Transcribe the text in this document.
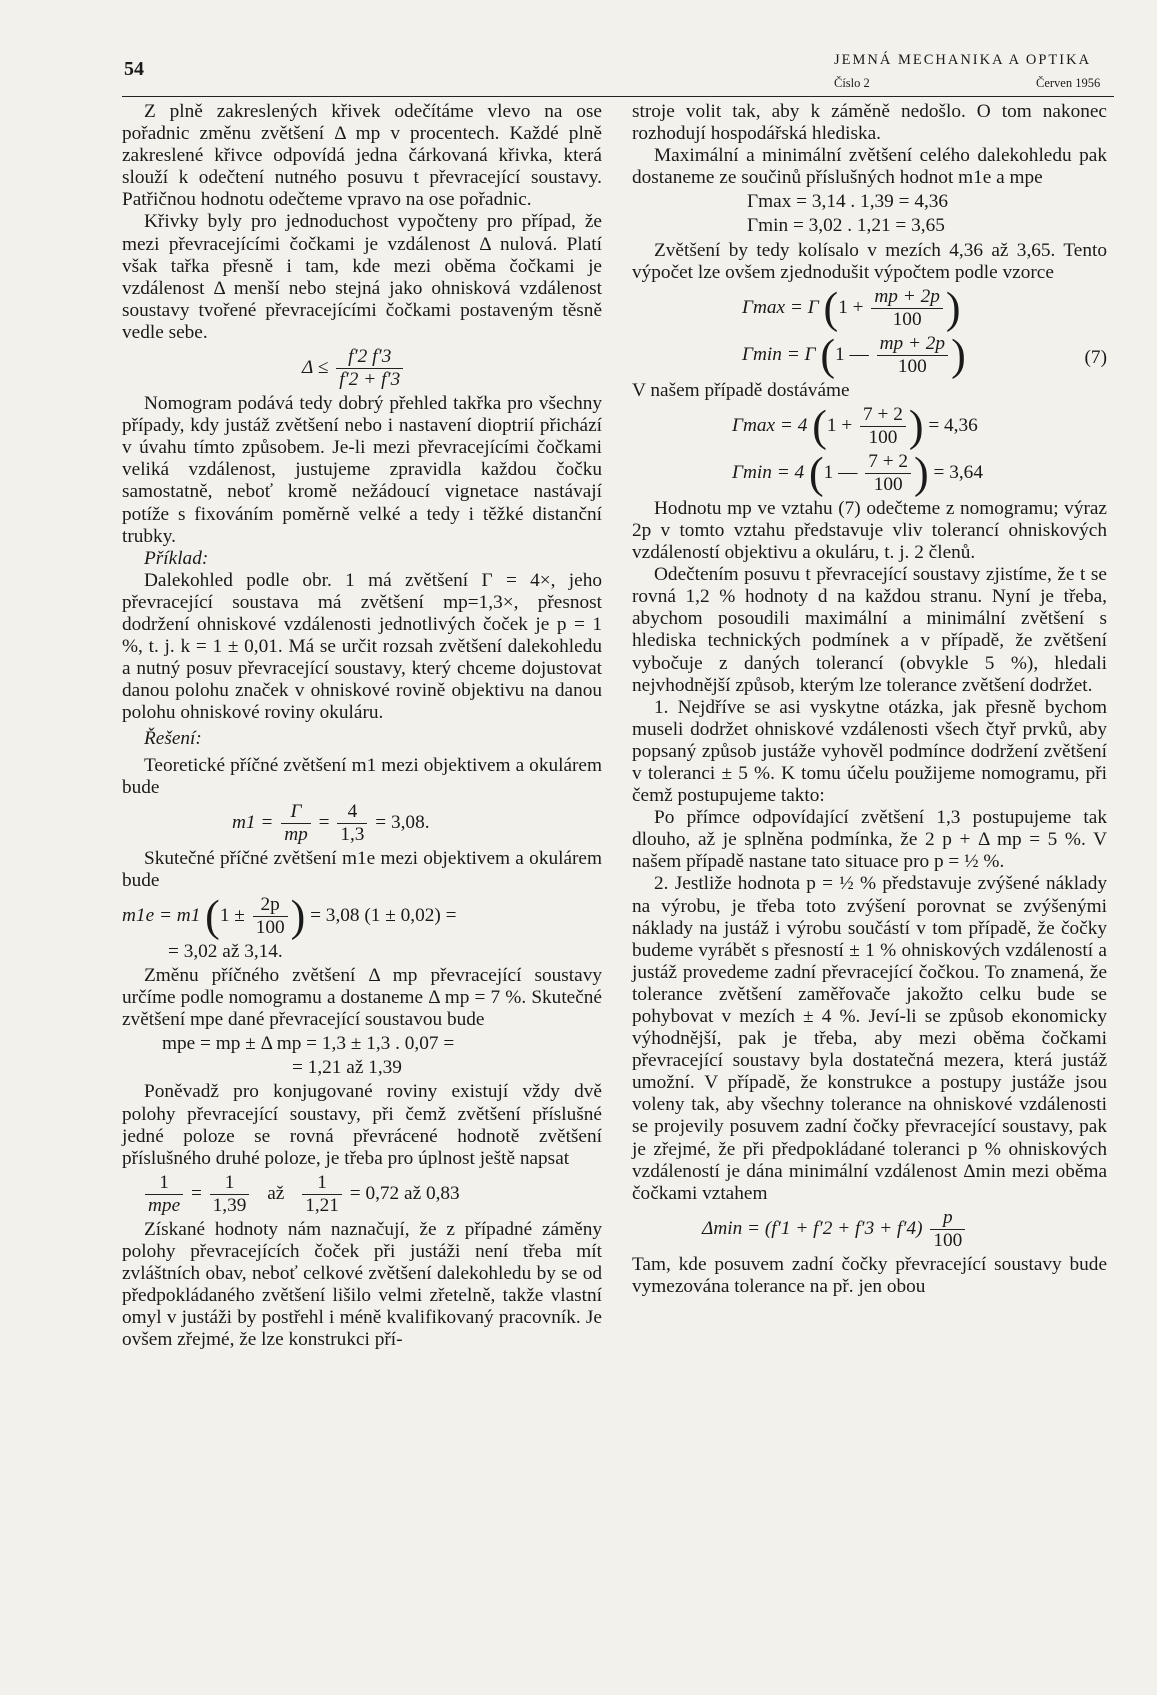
54	JEMNÁ MECHANIKA A OPTIKA
Číslo 2	Červen 1956

Z plně zakreslených křivek odečítáme vlevo na ose pořadnic změnu zvětšení Δ mp v procentech. Každé plně zakreslené křivce odpovídá jedna čárkovaná křivka, která slouží k odečtení nutného posuvu t převracející soustavy. Patřičnou hodnotu odečteme vpravo na ose pořadnic.

Křivky byly pro jednoduchost vypočteny pro případ, že mezi převracejícími čočkami je vzdálenost Δ nulová. Platí však tařka přesně i tam, kde mezi oběma čočkami je vzdálenost Δ menší nebo stejná jako ohnisková vzdálenost soustavy tvořené převracejícími čočkami postaveným těsně vedle sebe.

$\Delta \le \frac{f'2 f'3}{f'2 + f'3}$

Nomogram podává tedy dobrý přehled takřka pro všechny případy, kdy justáž zvětšení nebo i nastavení dioptrií přichází v úvahu tímto způsobem. Je-li mezi převracejícími čočkami veliká vzdálenost, justujeme zpravidla každou čočku samostatně, neboť kromě nežádoucí vignetace nastávají potíže s fixováním poměrně velké a tedy i těžké distanční trubky.

Příklad:

Dalekohled podle obr. 1 má zvětšení Γ = 4×, jeho převracející soustava má zvětšení mp=1,3×, přesnost dodržení ohniskové vzdálenosti jednotlivých čoček je p = 1 %, t. j. k = 1 ± 0,01. Má se určit rozsah zvětšení dalekohledu a nutný posuv převracející soustavy, který chceme dojustovat danou polohu značek v ohniskové rovině objektivu na danou polohu ohniskové roviny okuláru.

Řešení:

Teoretické příčné zvětšení m1 mezi objektivem a okulárem bude

$m1 = \frac{\Gamma}{mp} = \frac{4}{1,3} = 3,08$.

Skutečné příčné zvětšení m1e mezi objektivem a okulárem bude

m1e = m1 ($1 \pm \frac{2p}{100}$ ) = 3,08 (1 ± 0,02) =
= 3,02 až 3,14.

Změnu příčného zvětšení Δ mp převracející soustavy určíme podle nomogramu a dostaneme Δ mp = 7 %. Skutečné zvětšení mpe dané převracející soustavou bude

mpe = mp ± Δ mp = 1,3 ± 1,3 . 0,07 =
= 1,21 až 1,39

Poněvadž pro konjugované roviny existují vždy dvě polohy převracející soustavy, při čemž zvětšení příslušné jedné poloze se rovná převrácené hodnotě zvětšení příslušného druhé poloze, je třeba pro úplnost ještě napsat

$\frac{1}{\text{mpe}} = \frac{1}{1,39}$ až $\frac{1}{1,21} = 0,72$ až 0,83

Získané hodnoty nám naznačují, že z případné záměny polohy převracejících čoček při justáži není třeba mít zvláštních obav, neboť celkové zvětšení dalekohledu by se od předpokládaného zvětšení lišilo velmi zřetelně, takže vlastní omyl v justáži by postřehl i méně kvalifikovaný pracovník. Je ovšem zřejmé, že lze konstrukci pří-

stroje volit tak, aby k záměně nedošlo. O tom nakonec rozhodují hospodářská hlediska.

Maximální a minimální zvětšení celého dalekohledu pak dostaneme ze součinů příslušných hodnot m1e a mpe

Γmax = 3,14 . 1,39 = 4,36
Γmin = 3,02 . 1,21 = 3,65

Zvětšení by tedy kolísalo v mezích 4,36 až 3,65. Tento výpočet lze ovšem zjednodušit výpočtem podle vzorce

Γmax = Γ ($1 + \frac{mp + 2p}{100}$ )
Γmin = Γ (1 — $\frac{mp + 2p}{100}$ )	(7)

V našem případě dostáváme

Γmax = 4 ($1 + \frac{7 + 2}{100}$ ) = 4,36
Γmin = 4 (1 — $\frac{7 + 2}{100}$ ) = 3,64

Hodnotu mp ve vztahu (7) odečteme z nomogramu; výraz 2p v tomto vztahu představuje vliv tolerancí ohniskových vzdáleností objektivu a okuláru, t. j. 2 členů.

Odečtením posuvu t převracející soustavy zjistíme, že t se rovná 1,2 % hodnoty d na každou stranu. Nyní je třeba, abychom posoudili maximální a minimální zvětšení s hlediska technických podmínek a v případě, že zvětšení vybočuje z daných tolerancí (obvykle 5 %), hledali nejvhodnější způsob, kterým lze tolerance zvětšení dodržet.

1. Nejdříve se asi vyskytne otázka, jak přesně bychom museli dodržet ohniskové vzdálenosti všech čtyř prvků, aby popsaný způsob justáže vyhověl podmínce dodržení zvětšení v toleranci ± 5 %. K tomu účelu použijeme nomogramu, při čemž postupujeme takto:

Po přímce odpovídající zvětšení 1,3 postupujeme tak dlouho, až je splněna podmínka, že 2 p + Δ mp = 5 %. V našem případě nastane tato situace pro p = ½ %.

2. Jestliže hodnota p = ½ % představuje zvýšené náklady na výrobu, je třeba toto zvýšení porovnat se zvýšenými náklady na justáž i výrobu součástí v tom případě, že čočky budeme vyrábět s přesností ± 1 % ohniskových vzdáleností a justáž provedeme zadní převracející čočkou. To znamená, že tolerance zvětšení zaměřovače jakožto celku bude se pohybovat v mezích ± 4 %. Jeví-li se způsob ekonomicky výhodnější, pak je třeba, aby mezi oběma čočkami převracející soustavy byla dostatečná mezera, která justáž umožní. V případě, že konstrukce a postupy justáže jsou voleny tak, aby všechny tolerance na ohniskové vzdálenosti se projevily posuvem zadní čočky převracející soustavy, pak je zřejmé, že při předpokládané toleranci p % ohniskových vzdáleností je dána minimální vzdálenost Δmin mezi oběma čočkami vztahem

$\Delta\min = (f'1 + f'2 + f'3 + f'4) \frac{p}{100}$

Tam, kde posuvem zadní čočky převracející soustavy bude vymezována tolerance na př. jen obou
